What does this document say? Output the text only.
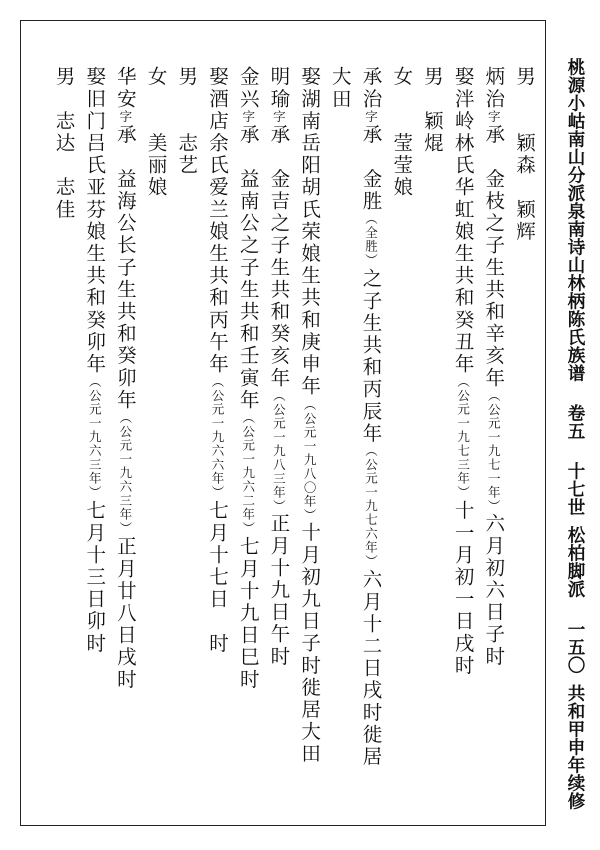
桃源小岵南山分派泉南诗山林柄陈氏族谱卷五十七世松柏脚派一五〇共和甲申年续修
男　　颖森　颖辉
炳治字承　金枝之子生共和辛亥年（公元一九七一年）六月初六日子时
娶泮岭林氏华虹娘生共和癸丑年（公元一九七三年）十一月初一日戌时
男　颖焜
女　　莹莹娘
承治字承　金胜（全胜）之子生共和丙辰年（公元一九七六年）六月十二日戌时徙居
大田
娶湖南岳阳胡氏荣娘生共和庚申年（公元一九八〇年）十月初九日子时徙居大田
明瑜字承　金吉之子生共和癸亥年（公元一九八三年）正月十九日午时
金兴字承　益南公之子生共和壬寅年（公元一九六二年）七月十九日巳时
娶酒店余氏爱兰娘生共和丙午年（公元一九六六年）七月十七日　时
男　　志艺
女　　美丽娘
华安字承　益海公长子生共和癸卯年（公元一九六三年）正月廿八日戌时
娶旧门吕氏亚芬娘生共和癸卯年（公元一九六三年）七月十三日卯时
男　志达　志佳
